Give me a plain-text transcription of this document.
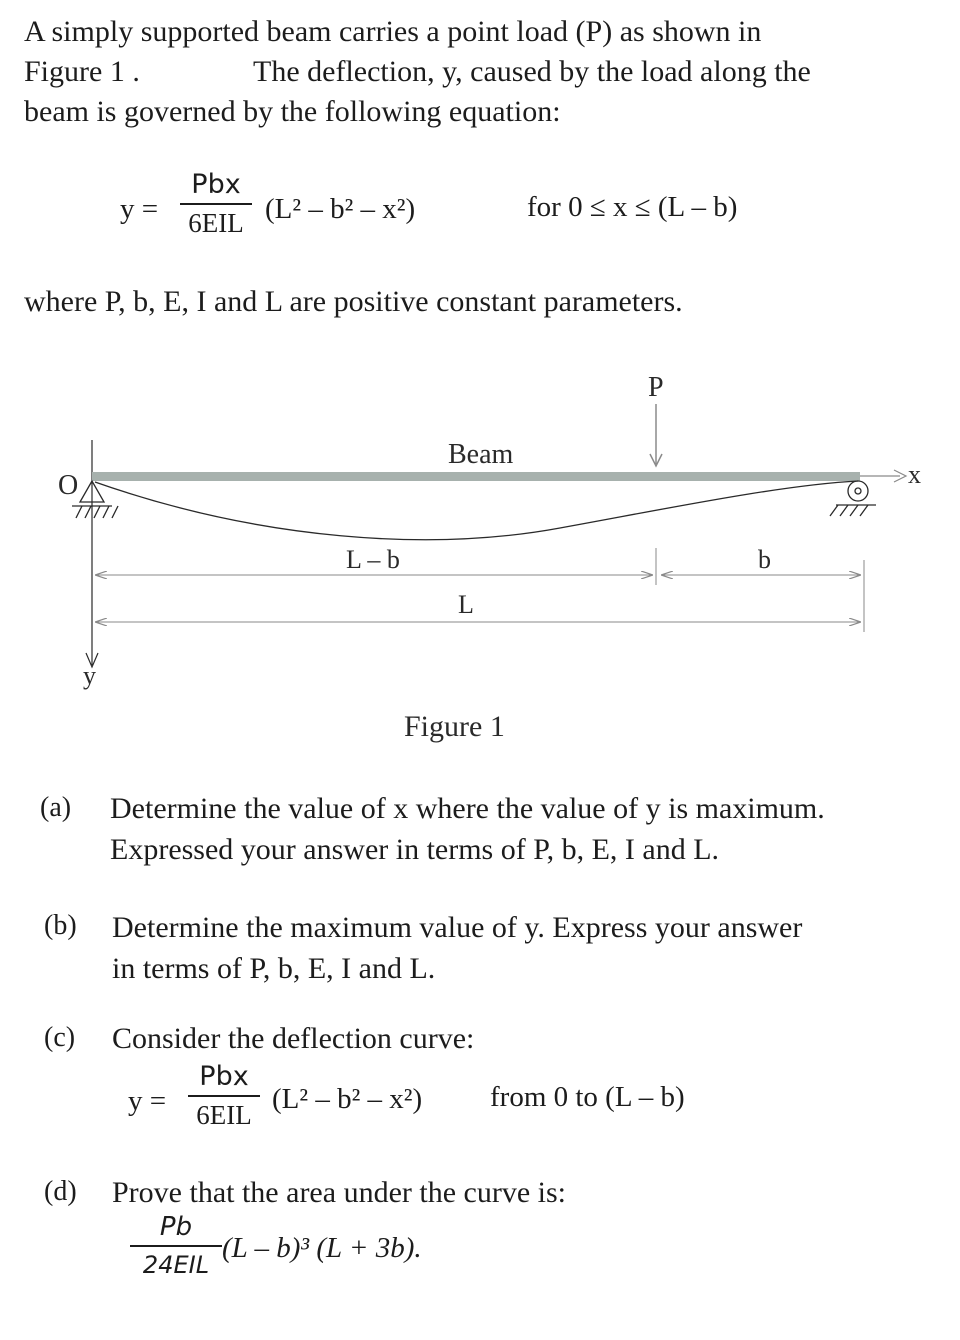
A simply supported beam carries a point load (P) as shown in
Figure 1 .	The deflection, y, caused by the load along the
beam is governed by the following equation:
y =
Pbx
6EIL (L² – b² – x²)	for 0 ≤ x ≤ (L – b)
where P, b, E, I and L are positive constant parameters.
y
O
Beam
x
P
L – b	b
L
Figure 1
(a) Determine the value of x where the value of y is maximum.
Expressed your answer in terms of P, b, E, I and L.
(b) Determine the maximum value of y. Express your answer
in terms of P, b, E, I and L.
(c) Consider the deflection curve:
y =
Pbx
6EIL (L² – b² – x²) from 0 to (L – b)
(d) Prove that the area under the curve is:
Pb
24EIL
(L – b)³ (L + 3b).
